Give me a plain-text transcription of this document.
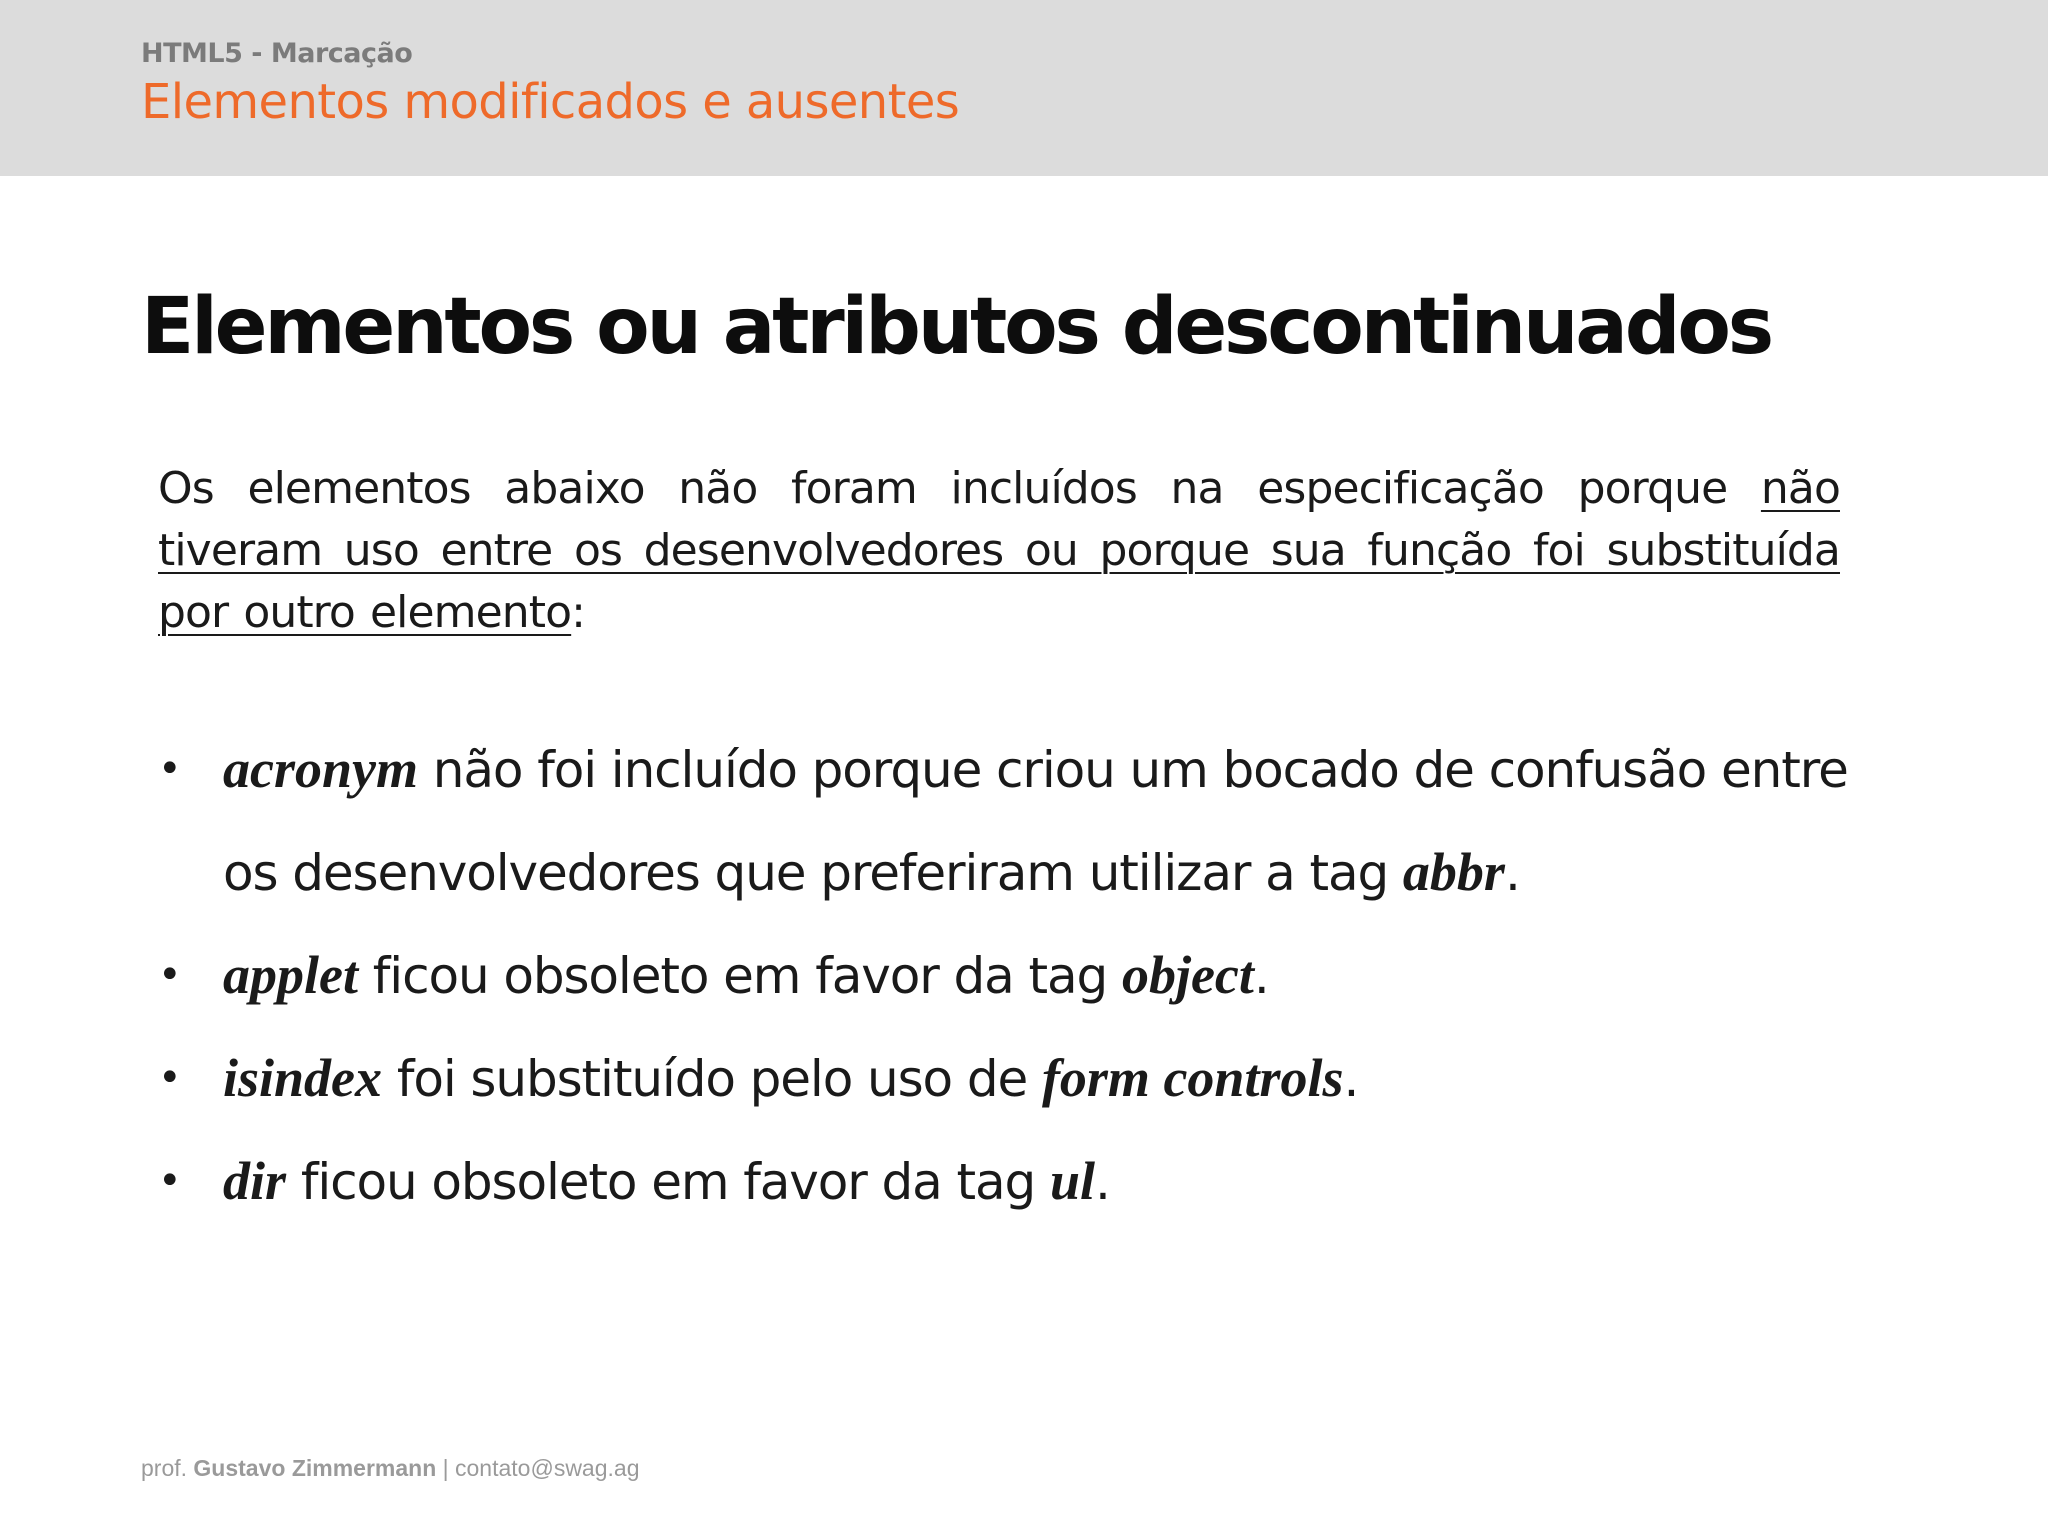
HTML5 - Marcação
Elementos modificados e ausentes
Elementos ou atributos descontinuados
Os elementos abaixo não foram incluídos na especificação porque não tiveram uso entre os desenvolvedores ou porque sua função foi substituída por outro elemento:
• acronym não foi incluído porque criou um bocado de confusão entre os desenvolvedores que preferiram utilizar a tag abbr.
• applet ficou obsoleto em favor da tag object.
• isindex foi substituído pelo uso de form controls.
• dir ficou obsoleto em favor da tag ul.
prof. Gustavo Zimmermann | contato@swag.ag
